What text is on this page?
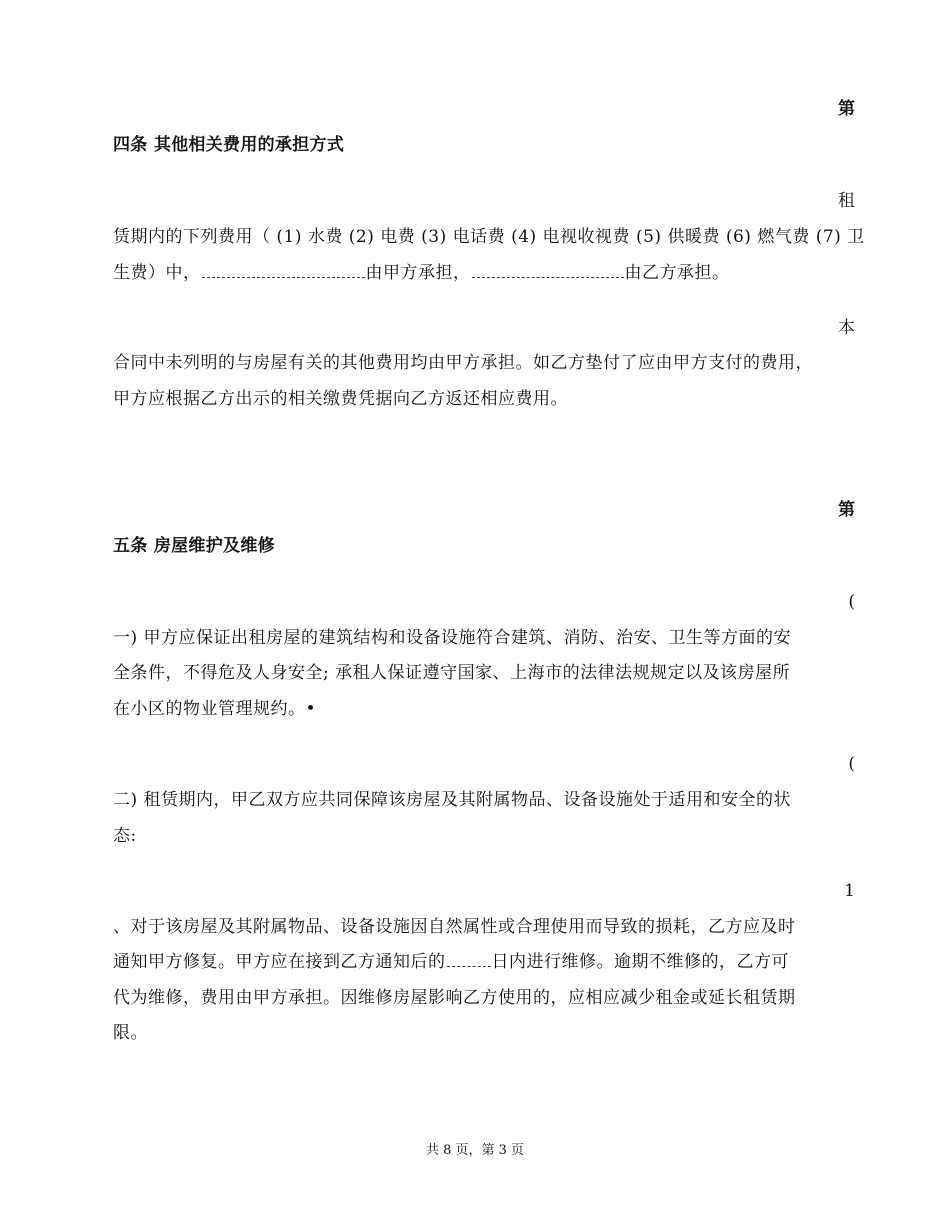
第
四条 其他相关费用的承担方式
租
赁期内的下列费用（ (1) 水费 (2) 电费 (3) 电话费 (4) 电视收视费 (5) 供暖费 (6) 燃气费 (7) 卫
生费）中，	由甲方承担，	由乙方承担。
本
合同中未列明的与房屋有关的其他费用均由甲方承担。如乙方垫付了应由甲方支付的费用，
甲方应根据乙方出示的相关缴费凭据向乙方返还相应费用。
第
五条 房屋维护及维修
(
一) 甲方应保证出租房屋的建筑结构和设备设施符合建筑、消防、治安、卫生等方面的安
全条件，不得危及人身安全; 承租人保证遵守国家、上海市的法律法规规定以及该房屋所
在小区的物业管理规约。•
(
二) 租赁期内，甲乙双方应共同保障该房屋及其附属物品、设备设施处于适用和安全的状
态:
1
、对于该房屋及其附属物品、设备设施因自然属性或合理使用而导致的损耗，乙方应及时
通知甲方修复。甲方应在接到乙方通知后的	日内进行维修。逾期不维修的，乙方可
代为维修，费用由甲方承担。因维修房屋影响乙方使用的，应相应减少租金或延长租赁期
限。
共 8 页，第 3 页
